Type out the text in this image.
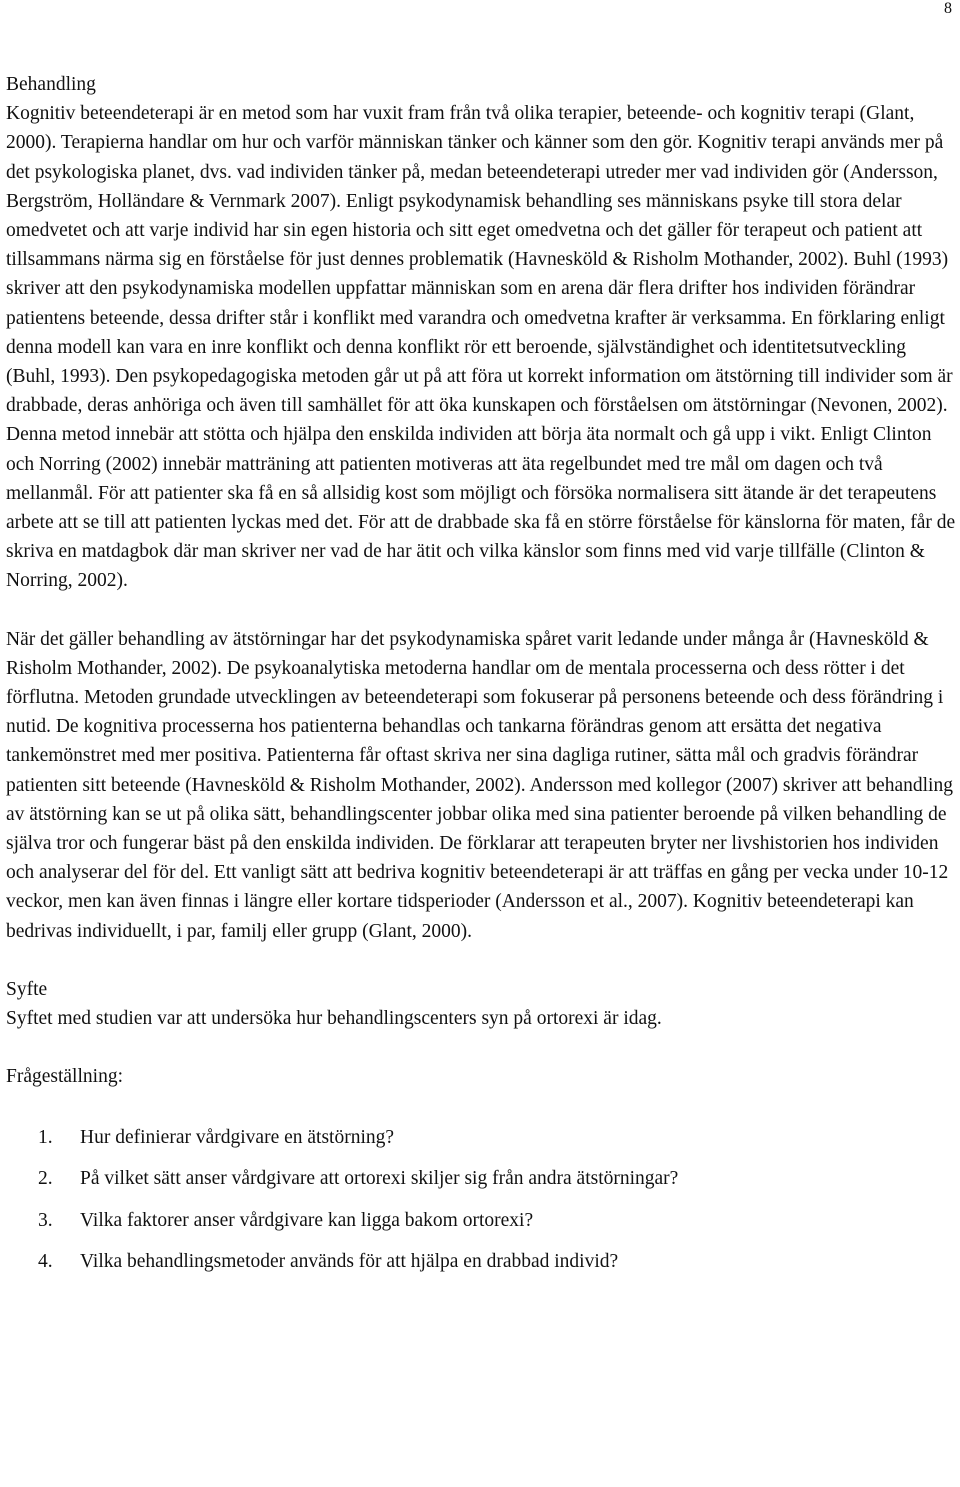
8
Behandling

Kognitiv beteendeterapi är en metod som har vuxit fram från två olika terapier, beteende- och kognitiv terapi (Glant, 2000). Terapierna handlar om hur och varför människan tänker och känner som den gör. Kognitiv terapi används mer på det psykologiska planet, dvs. vad individen tänker på, medan beteendeterapi utreder mer vad individen gör (Andersson, Bergström, Holländare & Vernmark 2007). Enligt psykodynamisk behandling ses människans psyke till stora delar omedvetet och att varje individ har sin egen historia och sitt eget omedvetna och det gäller för terapeut och patient att tillsammans närma sig en förståelse för just dennes problematik (Havnesköld & Risholm Mothander, 2002). Buhl (1993) skriver att den psykodynamiska modellen uppfattar människan som en arena där flera drifter hos individen förändrar patientens beteende, dessa drifter står i konflikt med varandra och omedvetna krafter är verksamma. En förklaring enligt denna modell kan vara en inre konflikt och denna konflikt rör ett beroende, självständighet och identitetsutveckling (Buhl, 1993). Den psykopedagogiska metoden går ut på att föra ut korrekt information om ätstörning till individer som är drabbade, deras anhöriga och även till samhället för att öka kunskapen och förståelsen om ätstörningar (Nevonen, 2002). Denna metod innebär att stötta och hjälpa den enskilda individen att börja äta normalt och gå upp i vikt. Enligt Clinton och Norring (2002) innebär matträning att patienten motiveras att äta regelbundet med tre mål om dagen och två mellanmål. För att patienter ska få en så allsidig kost som möjligt och försöka normalisera sitt ätande är det terapeutens arbete att se till att patienten lyckas med det. För att de drabbade ska få en större förståelse för känslorna för maten, får de skriva en matdagbok där man skriver ner vad de har ätit och vilka känslor som finns med vid varje tillfälle (Clinton & Norring, 2002).

När det gäller behandling av ätstörningar har det psykodynamiska spåret varit ledande under många år (Havnesköld & Risholm Mothander, 2002). De psykoanalytiska metoderna handlar om de mentala processerna och dess rötter i det förflutna. Metoden grundade utvecklingen av beteendeterapi som fokuserar på personens beteende och dess förändring i nutid. De kognitiva processerna hos patienterna behandlas och tankarna förändras genom att ersätta det negativa tankemönstret med mer positiva. Patienterna får oftast skriva ner sina dagliga rutiner, sätta mål och gradvis förändrar patienten sitt beteende (Havnesköld & Risholm Mothander, 2002). Andersson med kollegor (2007) skriver att behandling av ätstörning kan se ut på olika sätt, behandlingscenter jobbar olika med sina patienter beroende på vilken behandling de själva tror och fungerar bäst på den enskilda individen. De förklarar att terapeuten bryter ner livshistorien hos individen och analyserar del för del. Ett vanligt sätt att bedriva kognitiv beteendeterapi är att träffas en gång per vecka under 10-12 veckor, men kan även finnas i längre eller kortare tidsperioder (Andersson et al., 2007). Kognitiv beteendeterapi kan bedrivas individuellt, i par, familj eller grupp (Glant, 2000).

Syfte

Syftet med studien var att undersöka hur behandlingscenters syn på ortorexi är idag.

Frågeställning:
1.	Hur definierar vårdgivare en ätstörning?
2.	På vilket sätt anser vårdgivare att ortorexi skiljer sig från andra ätstörningar?
3.	Vilka faktorer anser vårdgivare kan ligga bakom ortorexi?
4.	Vilka behandlingsmetoder används för att hjälpa en drabbad individ?
